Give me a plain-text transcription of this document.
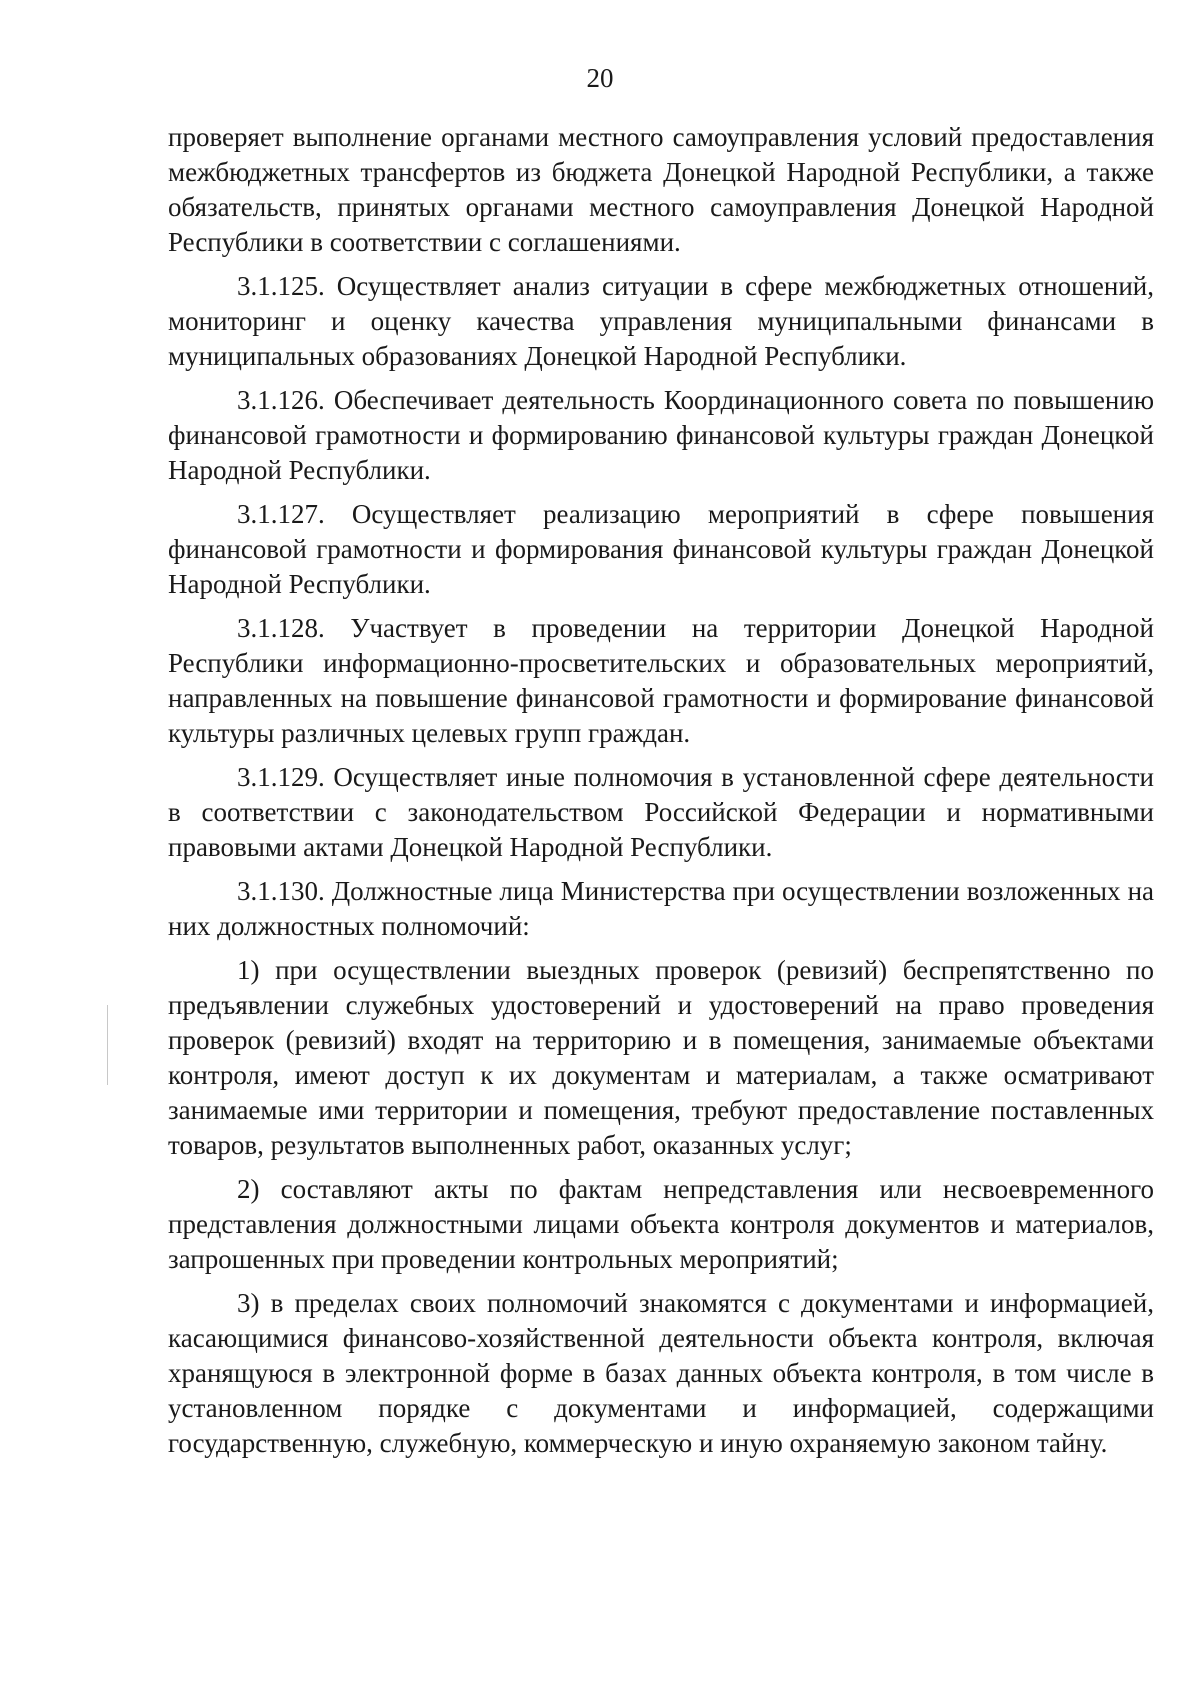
20

проверяет выполнение органами местного самоуправления условий предоставления межбюджетных трансфертов из бюджета Донецкой Народной Республики, а также обязательств, принятых органами местного самоуправления Донецкой Народной Республики в соответствии с соглашениями.

3.1.125. Осуществляет анализ ситуации в сфере межбюджетных отношений, мониторинг и оценку качества управления муниципальными финансами в муниципальных образованиях Донецкой Народной Республики.

3.1.126. Обеспечивает деятельность Координационного совета по повышению финансовой грамотности и формированию финансовой культуры граждан Донецкой Народной Республики.

3.1.127. Осуществляет реализацию мероприятий в сфере повышения финансовой грамотности и формирования финансовой культуры граждан Донецкой Народной Республики.

3.1.128. Участвует в проведении на территории Донецкой Народной Республики информационно-просветительских и образовательных мероприятий, направленных на повышение финансовой грамотности и формирование финансовой культуры различных целевых групп граждан.

3.1.129. Осуществляет иные полномочия в установленной сфере деятельности в соответствии с законодательством Российской Федерации и нормативными правовыми актами Донецкой Народной Республики.

3.1.130. Должностные лица Министерства при осуществлении возложенных на них должностных полномочий:

1) при осуществлении выездных проверок (ревизий) беспрепятственно по предъявлении служебных удостоверений и удостоверений на право проведения проверок (ревизий) входят на территорию и в помещения, занимаемые объектами контроля, имеют доступ к их документам и материалам, а также осматривают занимаемые ими территории и помещения, требуют предоставление поставленных товаров, результатов выполненных работ, оказанных услуг;

2) составляют акты по фактам непредставления или несвоевременного представления должностными лицами объекта контроля документов и материалов, запрошенных при проведении контрольных мероприятий;

3) в пределах своих полномочий знакомятся с документами и информацией, касающимися финансово-хозяйственной деятельности объекта контроля, включая хранящуюся в электронной форме в базах данных объекта контроля, в том числе в установленном порядке с документами и информацией, содержащими государственную, служебную, коммерческую и иную охраняемую законом тайну.
